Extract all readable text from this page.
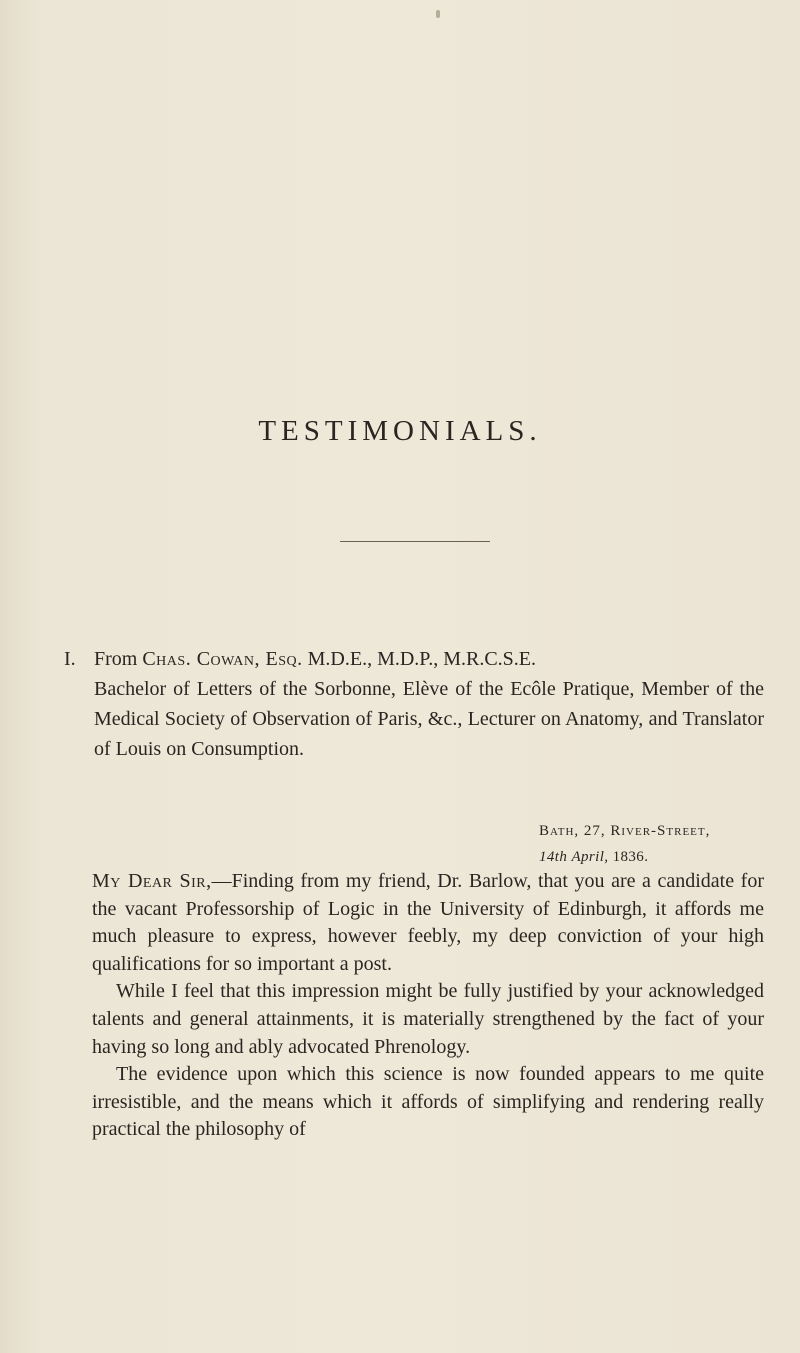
TESTIMONIALS.
I. From Chas. Cowan, Esq. M.D.E., M.D.P., M.R.C.S.E.
Bachelor of Letters of the Sorbonne, Elève of the Ecôle Pratique, Member of the Medical Society of Observation of Paris, &c., Lecturer on Anatomy, and Translator of Louis on Consumption.
Bath, 27, River-Street,
14th April, 1836.

My Dear Sir,—Finding from my friend, Dr. Barlow, that you are a candidate for the vacant Professorship of Logic in the University of Edinburgh, it affords me much pleasure to express, however feebly, my deep conviction of your high qualifications for so important a post.

While I feel that this impression might be fully justified by your acknowledged talents and general attainments, it is materially strengthened by the fact of your having so long and ably advocated Phrenology.

The evidence upon which this science is now founded appears to me quite irresistible, and the means which it affords of simplifying and rendering really practical the philosophy of
